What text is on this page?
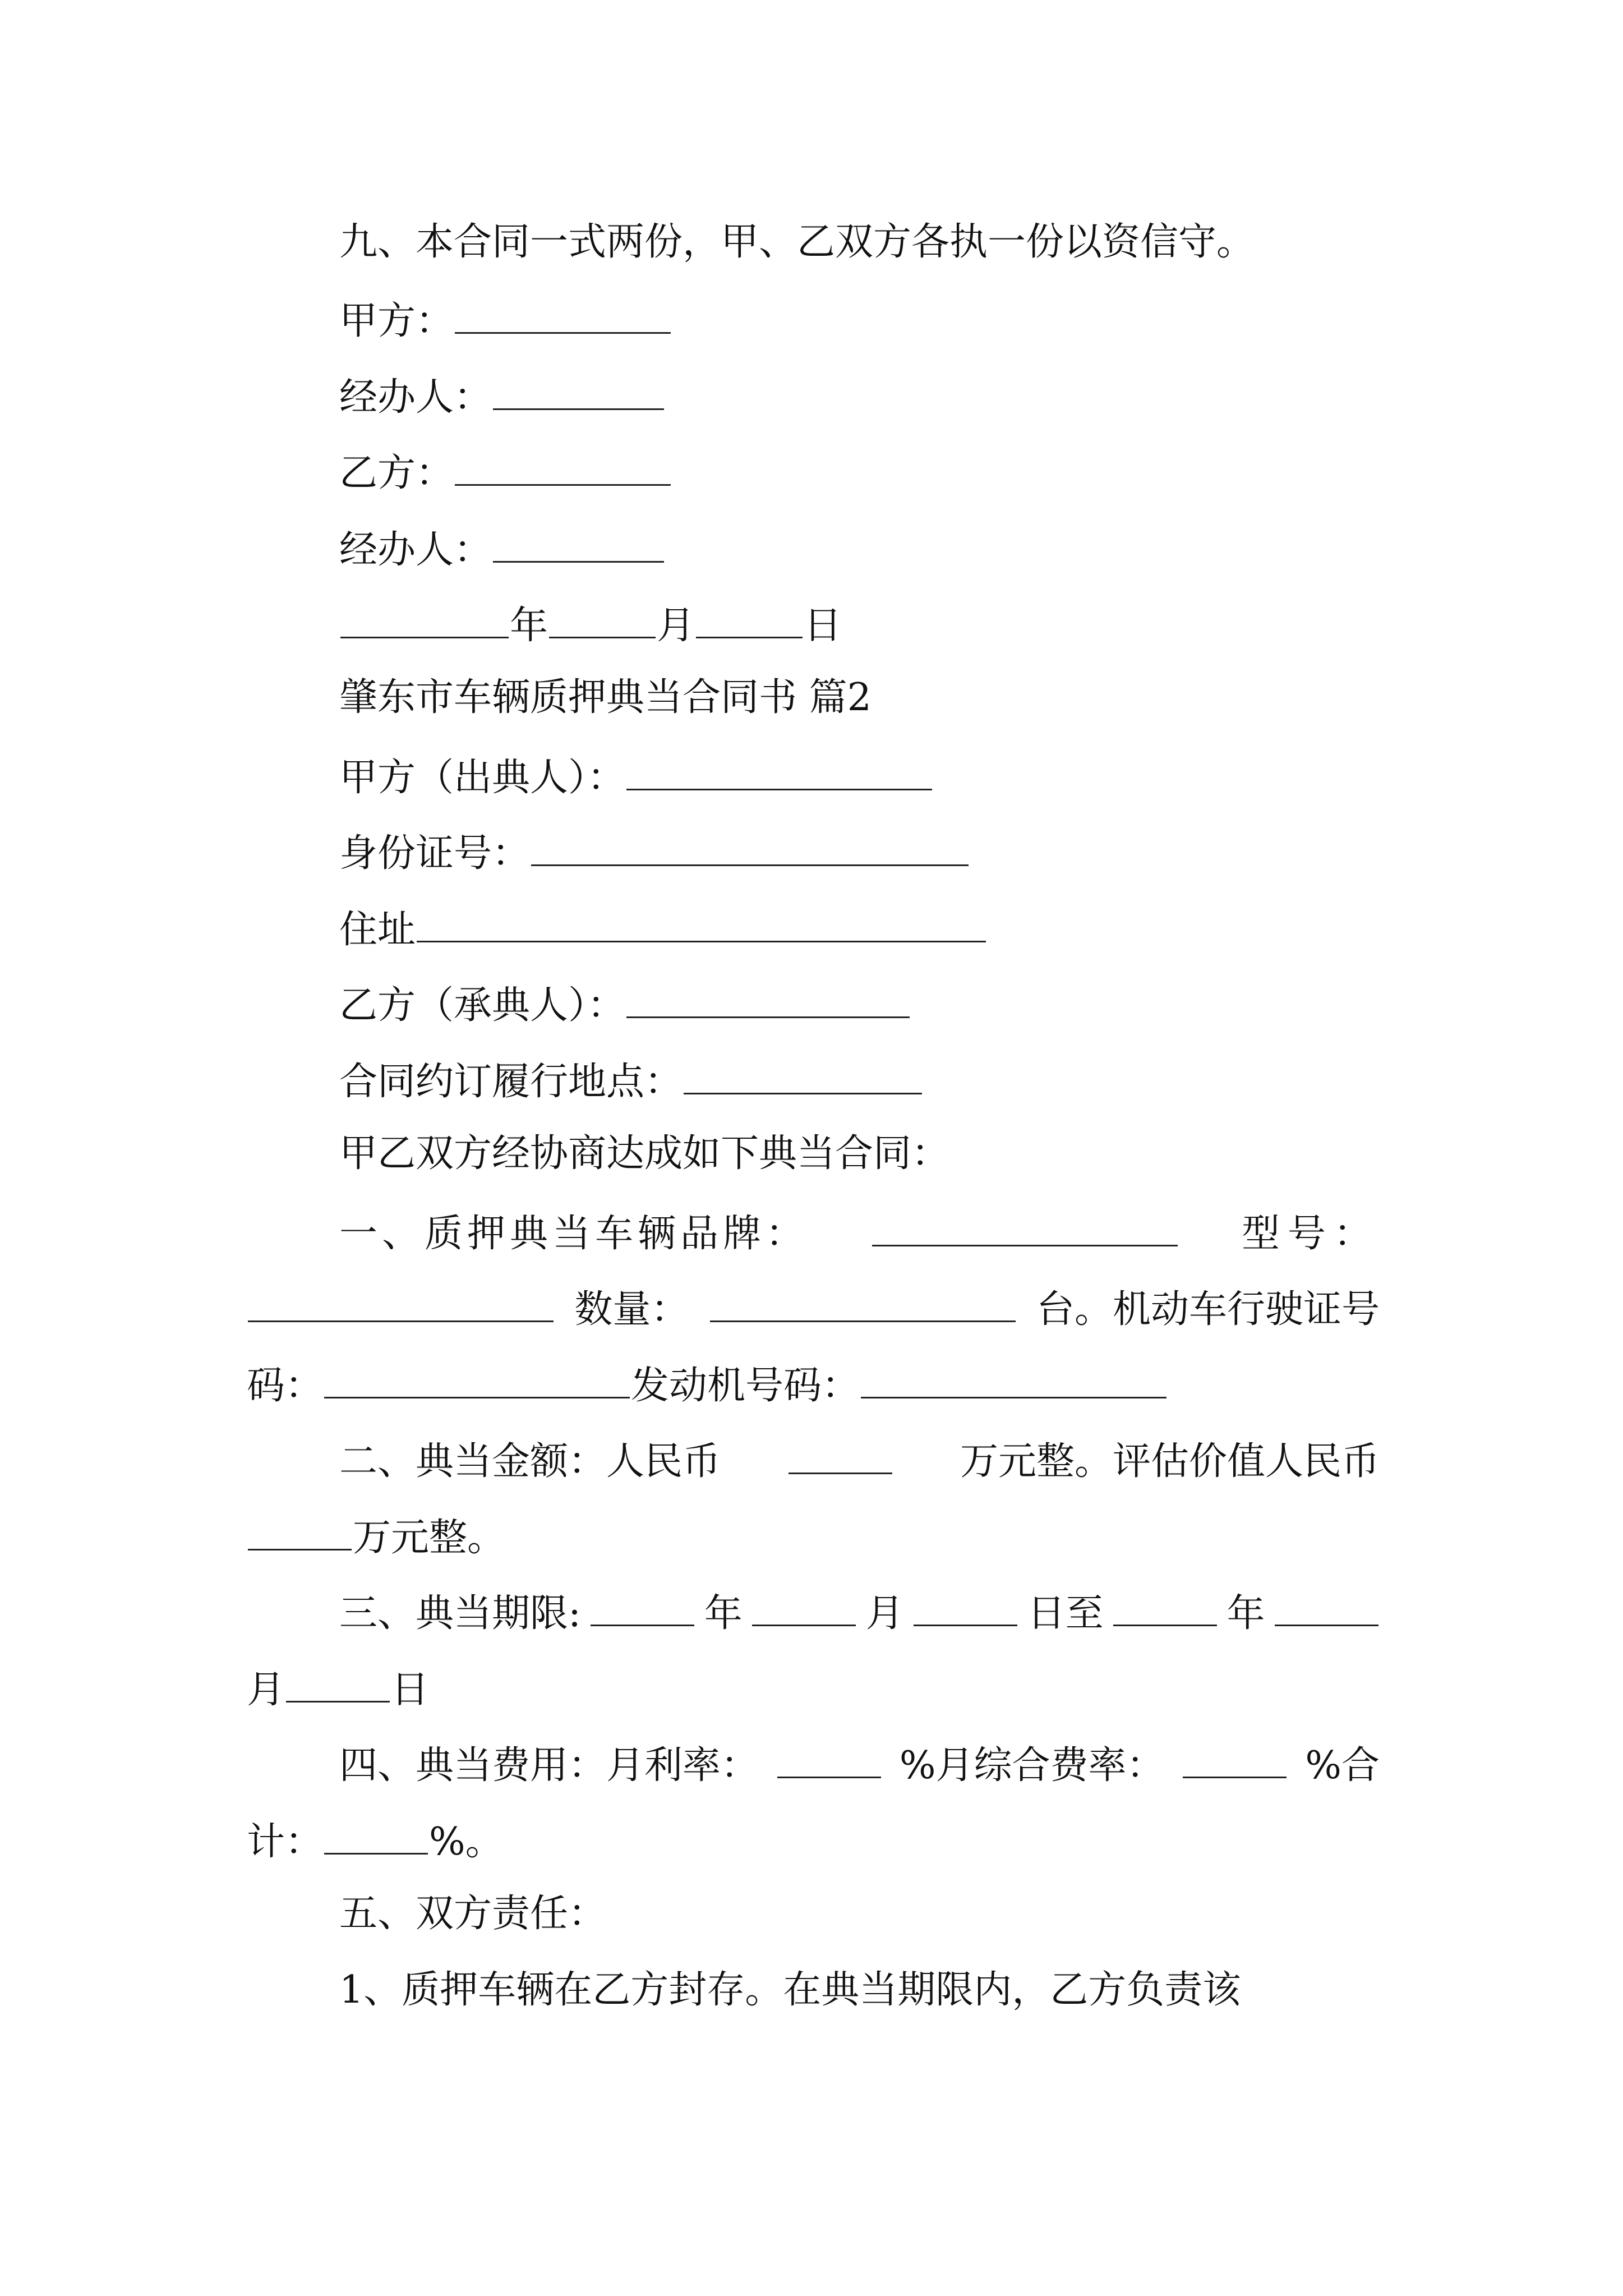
九、本合同一式两份，甲、乙双方各执一份以资信守。
甲方：
经办人：
乙方：
经办人：
年	月	日
肇东市车辆质押典当合同书 篇2
甲方（出典人）：
身份证号：
住址
乙方（承典人）：
合同约订履行地点：
甲乙双方经协商达成如下典当合同：
一、质押典当车辆品牌：	型号：
数量：	台。机动车行驶证号
码：	发动机号码：
二、典当金额：人民币	万元整。评估价值人民币
万元整。
三、典当期限:	年	月	日至	年
月	日
四、典当费用：月利率：	%月综合费率：	%合
计：	%。
五、双方责任：
1、质押车辆在乙方封存。在典当期限内，乙方负责该
